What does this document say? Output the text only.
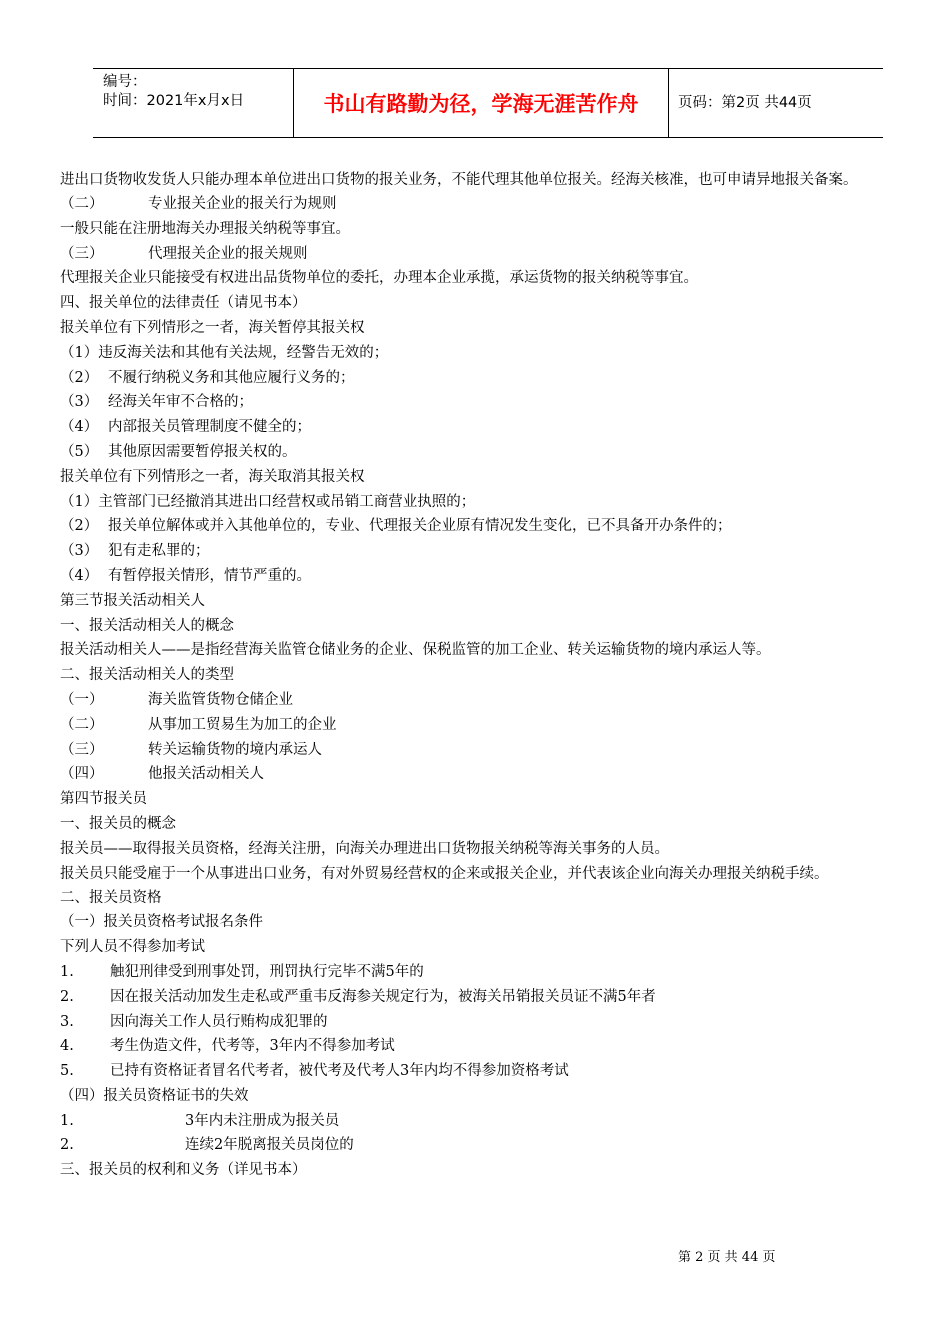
编号：
时间：2021年x月x日	书山有路勤为径，学海无涯苦作舟	页码：第2页 共44页
进出口货物收发货人只能办理本单位进出口货物的报关业务，不能代理其他单位报关。经海关核准，也可申请异地报关备案。
（二）	专业报关企业的报关行为规则
一般只能在注册地海关办理报关纳税等事宜。
（三）	代理报关企业的报关规则
代理报关企业只能接受有权进出品货物单位的委托，办理本企业承揽，承运货物的报关纳税等事宜。
四、报关单位的法律责任（请见书本）
报关单位有下列情形之一者，海关暂停其报关权
（1）违反海关法和其他有关法规，经警告无效的；
（2） 不履行纳税义务和其他应履行义务的；
（3） 经海关年审不合格的；
（4） 内部报关员管理制度不健全的；
（5） 其他原因需要暂停报关权的。
报关单位有下列情形之一者，海关取消其报关权
（1）主管部门已经撤消其进出口经营权或吊销工商营业执照的；
（2） 报关单位解体或并入其他单位的，专业、代理报关企业原有情况发生变化，已不具备开办条件的；
（3） 犯有走私罪的；
（4） 有暂停报关情形，情节严重的。
第三节报关活动相关人
一、报关活动相关人的概念
报关活动相关人——是指经营海关监管仓储业务的企业、保税监管的加工企业、转关运输货物的境内承运人等。
二、报关活动相关人的类型
（一）	海关监管货物仓储企业
（二）	从事加工贸易生为加工的企业
（三）	转关运输货物的境内承运人
（四）	他报关活动相关人
第四节报关员
一、报关员的概念
报关员——取得报关员资格，经海关注册，向海关办理进出口货物报关纳税等海关事务的人员。
报关员只能受雇于一个从事进出口业务，有对外贸易经营权的企来或报关企业，并代表该企业向海关办理报关纳税手续。
二、报关员资格
（一）报关员资格考试报名条件
下列人员不得参加考试
1. 触犯刑律受到刑事处罚，刑罚执行完毕不满5年的
2. 因在报关活动加发生走私或严重韦反海参关规定行为，被海关吊销报关员证不满5年者
3. 因向海关工作人员行贿构成犯罪的
4. 考生伪造文件，代考等，3年内不得参加考试
5. 已持有资格证者冒名代考者，被代考及代考人3年内均不得参加资格考试
（四）报关员资格证书的失效
1.	3年内未注册成为报关员
2.	连续2年脱离报关员岗位的
三、报关员的权利和义务（详见书本）
第 2 页 共 44 页
